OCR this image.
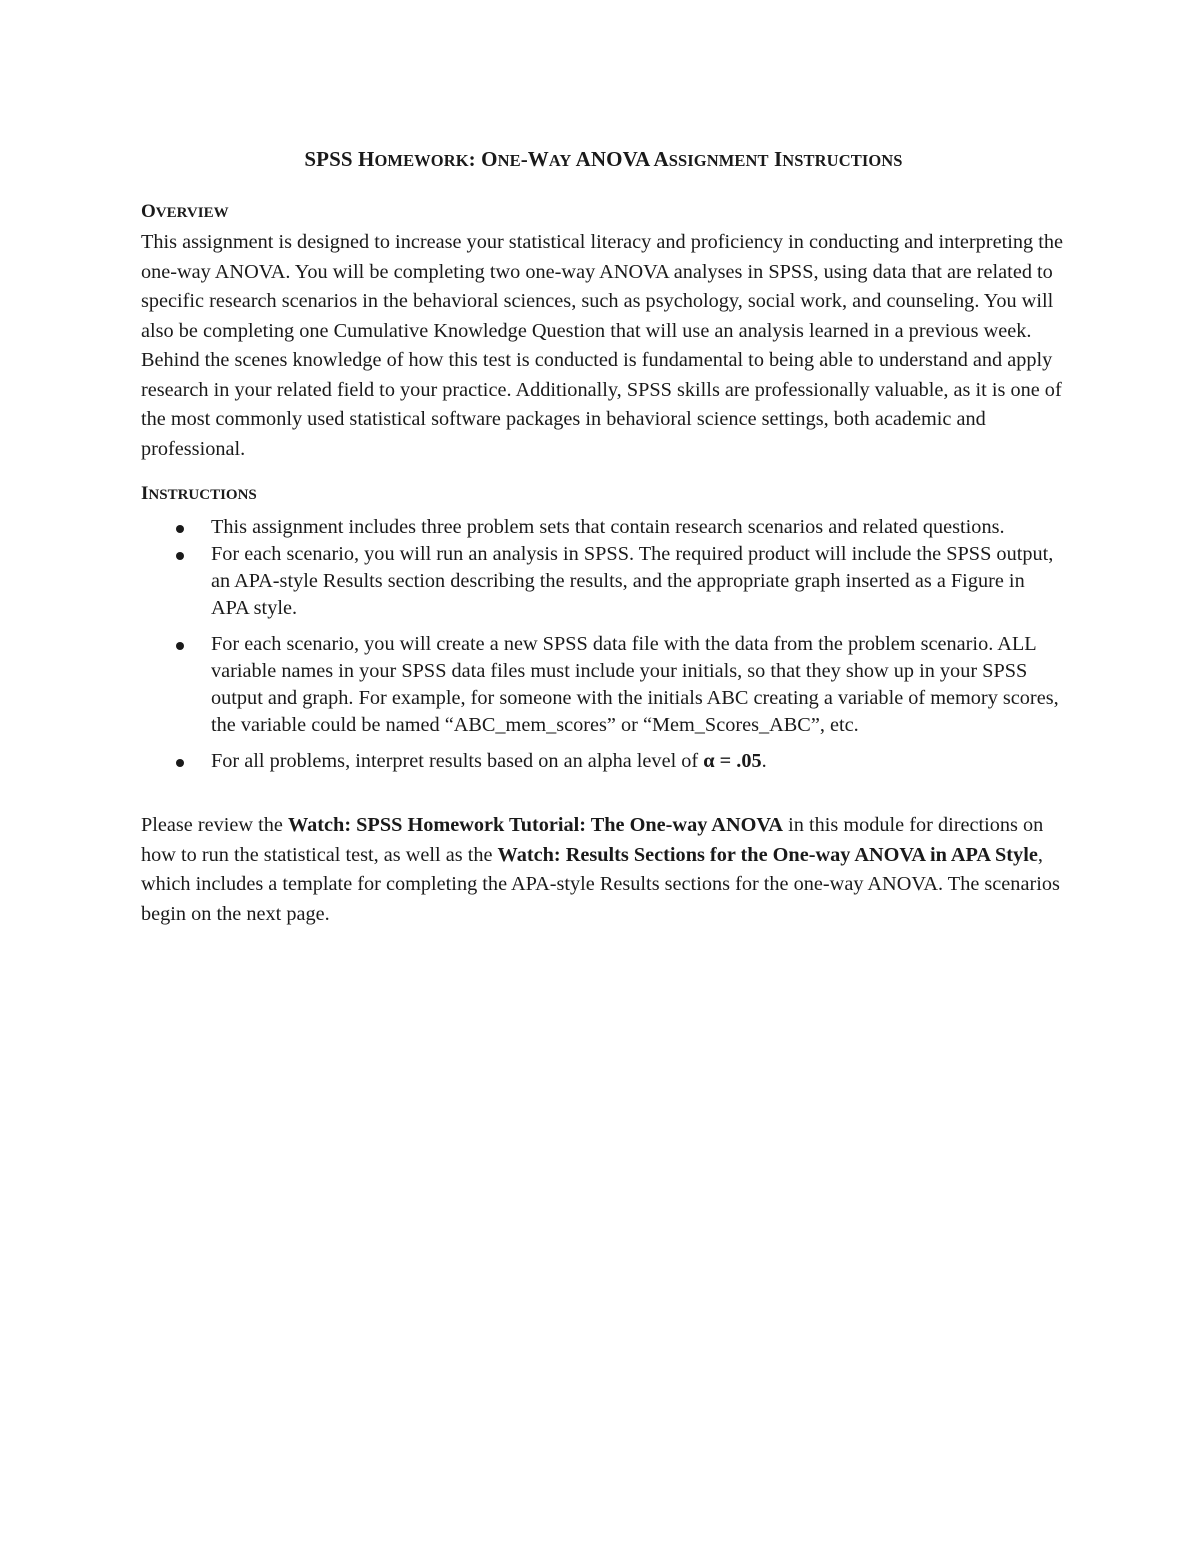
SPSS HOMEWORK: ONE-WAY ANOVA ASSIGNMENT INSTRUCTIONS
OVERVIEW

This assignment is designed to increase your statistical literacy and proficiency in conducting and interpreting the one-way ANOVA. You will be completing two one-way ANOVA analyses in SPSS, using data that are related to specific research scenarios in the behavioral sciences, such as psychology, social work, and counseling. You will also be completing one Cumulative Knowledge Question that will use an analysis learned in a previous week. Behind the scenes knowledge of how this test is conducted is fundamental to being able to understand and apply research in your related field to your practice. Additionally, SPSS skills are professionally valuable, as it is one of the most commonly used statistical software packages in behavioral science settings, both academic and professional.

INSTRUCTIONS
This assignment includes three problem sets that contain research scenarios and related questions.
For each scenario, you will run an analysis in SPSS. The required product will include the SPSS output, an APA-style Results section describing the results, and the appropriate graph inserted as a Figure in APA style.
For each scenario, you will create a new SPSS data file with the data from the problem scenario. ALL variable names in your SPSS data files must include your initials, so that they show up in your SPSS output and graph. For example, for someone with the initials ABC creating a variable of memory scores, the variable could be named “ABC_mem_scores” or “Mem_Scores_ABC”, etc.
For all problems, interpret results based on an alpha level of α = .05.

Please review the Watch: SPSS Homework Tutorial: The One-way ANOVA in this module for directions on how to run the statistical test, as well as the Watch: Results Sections for the One-way ANOVA in APA Style, which includes a template for completing the APA-style Results sections for the one-way ANOVA. The scenarios begin on the next page.
